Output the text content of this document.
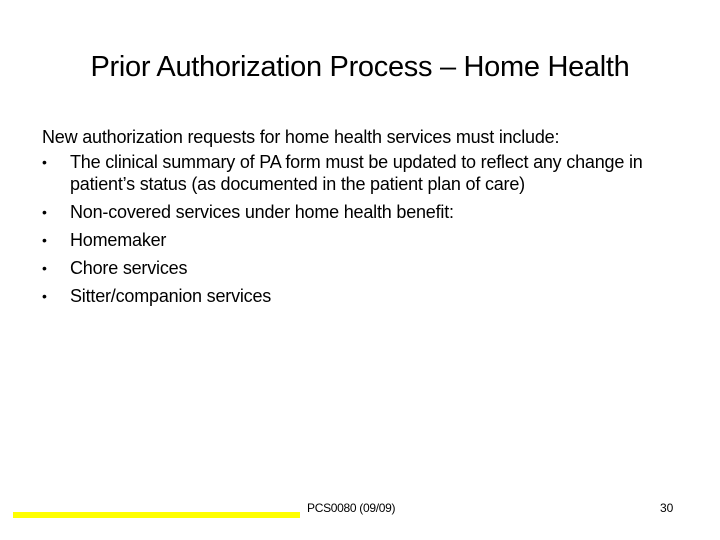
Prior Authorization Process – Home Health
New authorization requests for home health services must include:
•	The clinical summary of PA form must be updated to reflect any change in patient’s status (as documented in the patient plan of care)
•	Non-covered services under home health benefit:
•	Homemaker
•	Chore services
•	Sitter/companion services
PCS0080 (09/09)	30
